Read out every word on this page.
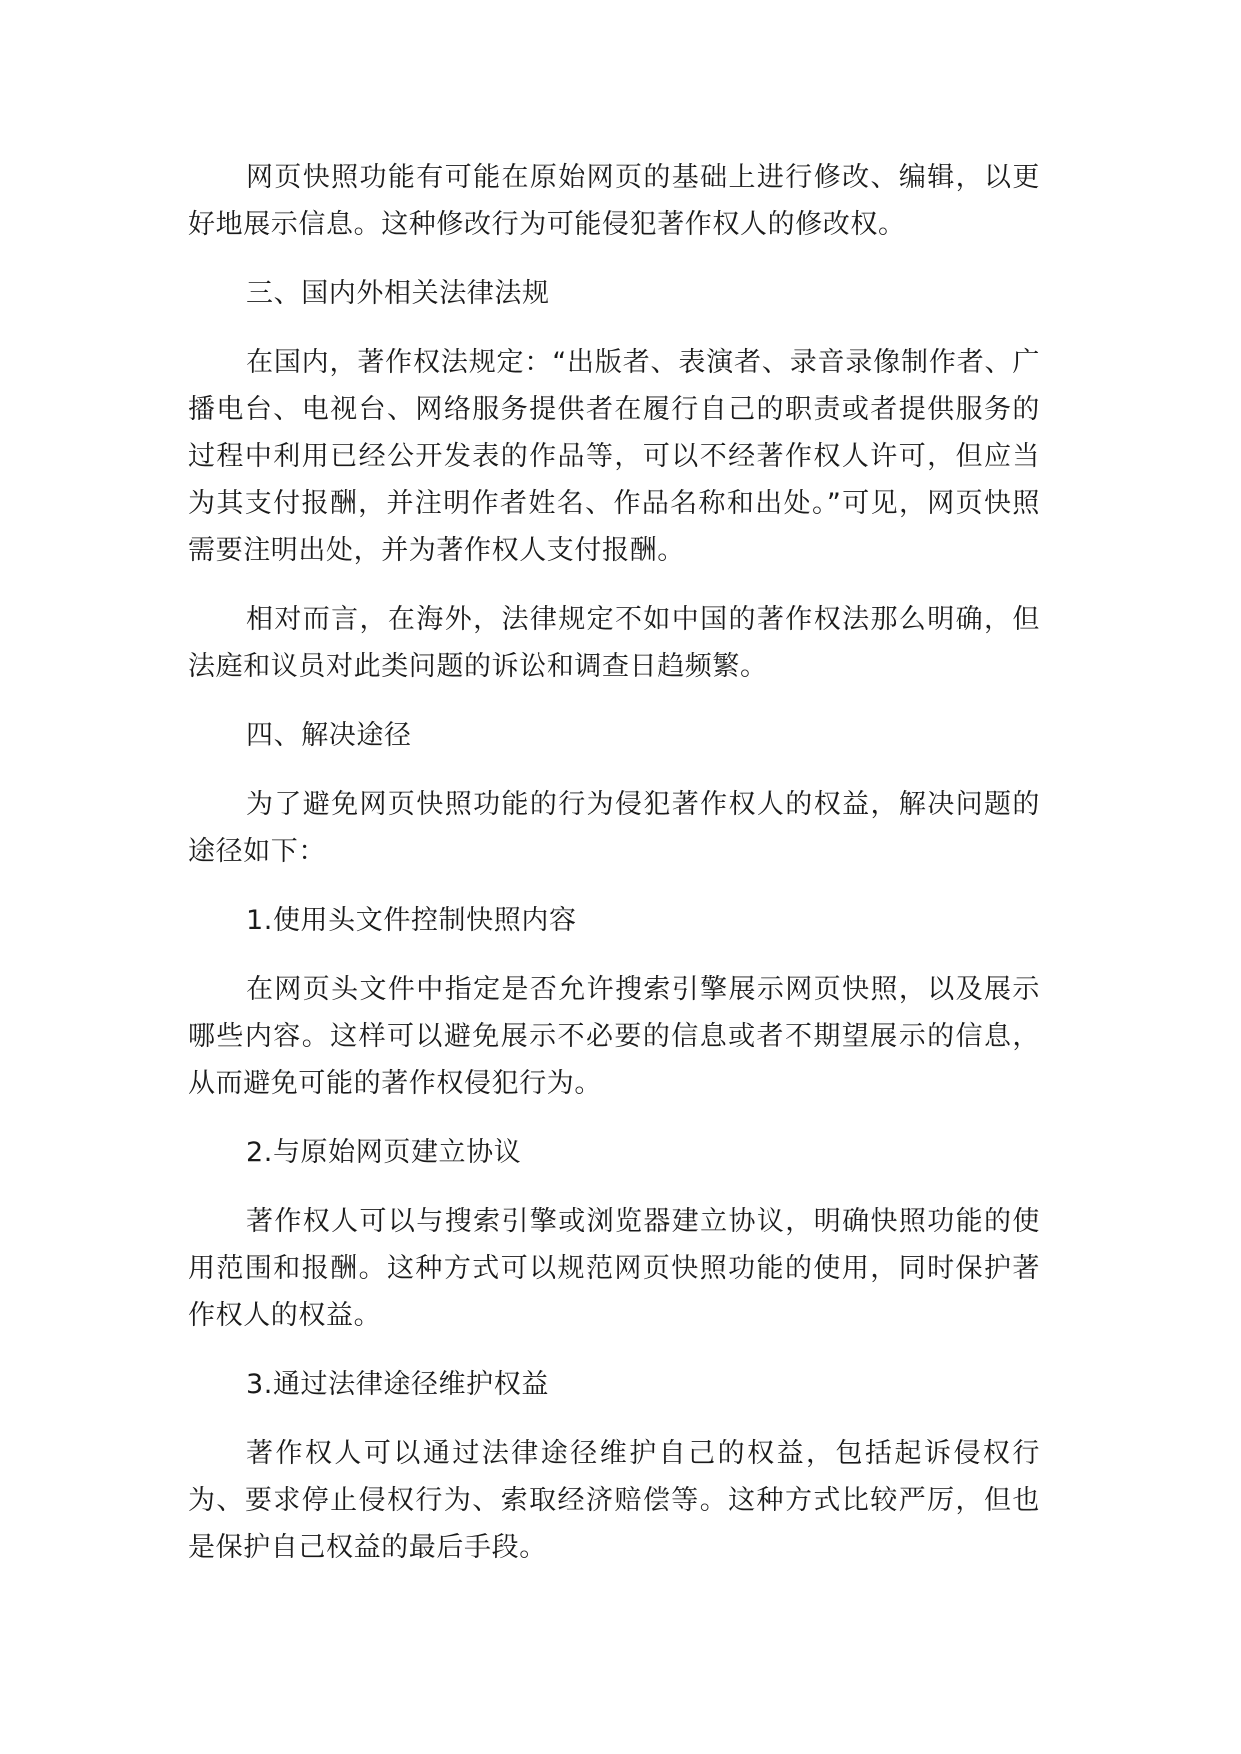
网页快照功能有可能在原始网页的基础上进行修改、编辑，以更好地展示信息。这种修改行为可能侵犯著作权人的修改权。

三、国内外相关法律法规

在国内，著作权法规定：“出版者、表演者、录音录像制作者、广播电台、电视台、网络服务提供者在履行自己的职责或者提供服务的过程中利用已经公开发表的作品等，可以不经著作权人许可，但应当为其支付报酬，并注明作者姓名、作品名称和出处。”可见，网页快照需要注明出处，并为著作权人支付报酬。

相对而言，在海外，法律规定不如中国的著作权法那么明确，但法庭和议员对此类问题的诉讼和调查日趋频繁。

四、解决途径

为了避免网页快照功能的行为侵犯著作权人的权益，解决问题的途径如下：

1.使用头文件控制快照内容

在网页头文件中指定是否允许搜索引擎展示网页快照，以及展示哪些内容。这样可以避免展示不必要的信息或者不期望展示的信息，从而避免可能的著作权侵犯行为。

2.与原始网页建立协议

著作权人可以与搜索引擎或浏览器建立协议，明确快照功能的使用范围和报酬。这种方式可以规范网页快照功能的使用，同时保护著作权人的权益。

3.通过法律途径维护权益

著作权人可以通过法律途径维护自己的权益，包括起诉侵权行为、要求停止侵权行为、索取经济赔偿等。这种方式比较严厉，但也是保护自己权益的最后手段。
